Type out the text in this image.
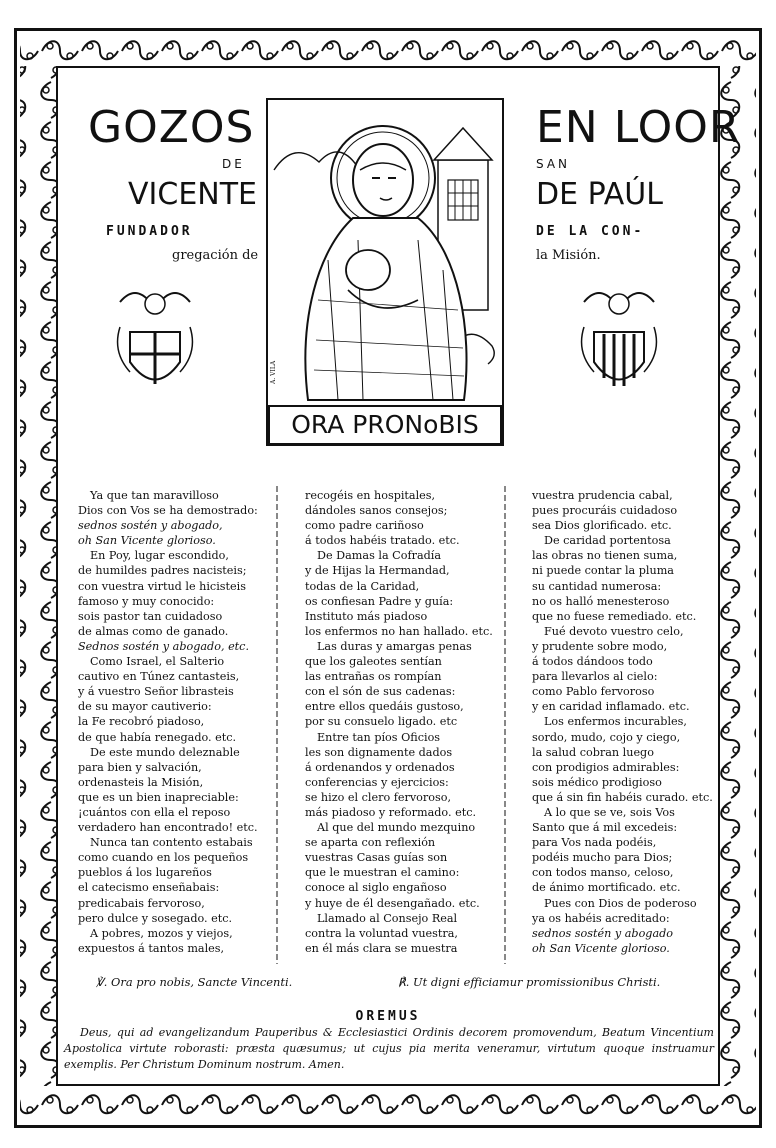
GOZOS
DE
VICENTE
FUNDADOR
gregación de
EN LOOR
SAN
DE PAÚL
DE LA CON-
la Misión.
ORA PRONoBIS
A. VILA
Ya que tan maravilloso
Dios con Vos se ha demostrado:
sednos sostén y abogado,
oh San Vicente glorioso.
En Poy, lugar escondido,
de humildes padres nacisteis;
con vuestra virtud le hicisteis
famoso y muy conocido:
sois pastor tan cuidadoso
de almas como de ganado.
Sednos sostén y abogado, etc.
Como Israel, el Salterio
cautivo en Túnez cantasteis,
y á vuestro Señor librasteis
de su mayor cautiverio:
la Fe recobró piadoso,
de que había renegado. etc.
De este mundo deleznable
para bien y salvación,
ordenasteis la Misión,
que es un bien inapreciable:
¡cuántos con ella el reposo
verdadero han encontrado! etc.
Nunca tan contento estabais
como cuando en los pequeños
pueblos á los lugareños
el catecismo enseñabais:
predicabais fervoroso,
pero dulce y sosegado. etc.
A pobres, mozos y viejos,
expuestos á tantos males,
recogéis en hospitales,
dándoles sanos consejos;
como padre cariñoso
á todos habéis tratado. etc.
De Damas la Cofradía
y de Hijas la Hermandad,
todas de la Caridad,
os confiesan Padre y guía:
Instituto más piadoso
los enfermos no han hallado. etc.
Las duras y amargas penas
que los galeotes sentían
las entrañas os rompían
con el són de sus cadenas:
entre ellos quedáis gustoso,
por su consuelo ligado. etc
Entre tan píos Oficios
les son dignamente dados
á ordenandos y ordenados
conferencias y ejercicios:
se hizo el clero fervoroso,
más piadoso y reformado. etc.
Al que del mundo mezquino
se aparta con reflexión
vuestras Casas guías son
que le muestran el camino:
conoce al siglo engañoso
y huye de él desengañado. etc.
Llamado al Consejo Real
contra la voluntad vuestra,
en él más clara se muestra
vuestra prudencia cabal,
pues procuráis cuidadoso
sea Dios glorificado. etc.
De caridad portentosa
las obras no tienen suma,
ni puede contar la pluma
su cantidad numerosa:
no os halló menesteroso
que no fuese remediado. etc.
Fué devoto vuestro celo,
y prudente sobre modo,
á todos dándoos todo
para llevarlos al cielo:
como Pablo fervoroso
y en caridad inflamado. etc.
Los enfermos incurables,
sordo, mudo, cojo y ciego,
la salud cobran luego
con prodigios admirables:
sois médico prodigioso
que á sin fin habéis curado. etc.
A lo que se ve, sois Vos
Santo que á mil excedeis:
para Vos nada podéis,
podéis mucho para Dios;
con todos manso, celoso,
de ánimo mortificado. etc.
Pues con Dios de poderoso
ya os habéis acreditado:
sednos sostén y abogado
oh San Vicente glorioso.
℣. Ora pro nobis, Sancte Vincenti.	℟. Ut digni efficiamur promissionibus Christi.
OREMUS
Deus, qui ad evangelizandum Pauperibus & Ecclesiastici Ordinis decorem promovendum, Beatum Vincentium Apostolica virtute roborasti: præsta quæsumus; ut cujus pia merita veneramur, virtutum quoque instruamur exemplis. Per Christum Dominum nostrum. Amen.
